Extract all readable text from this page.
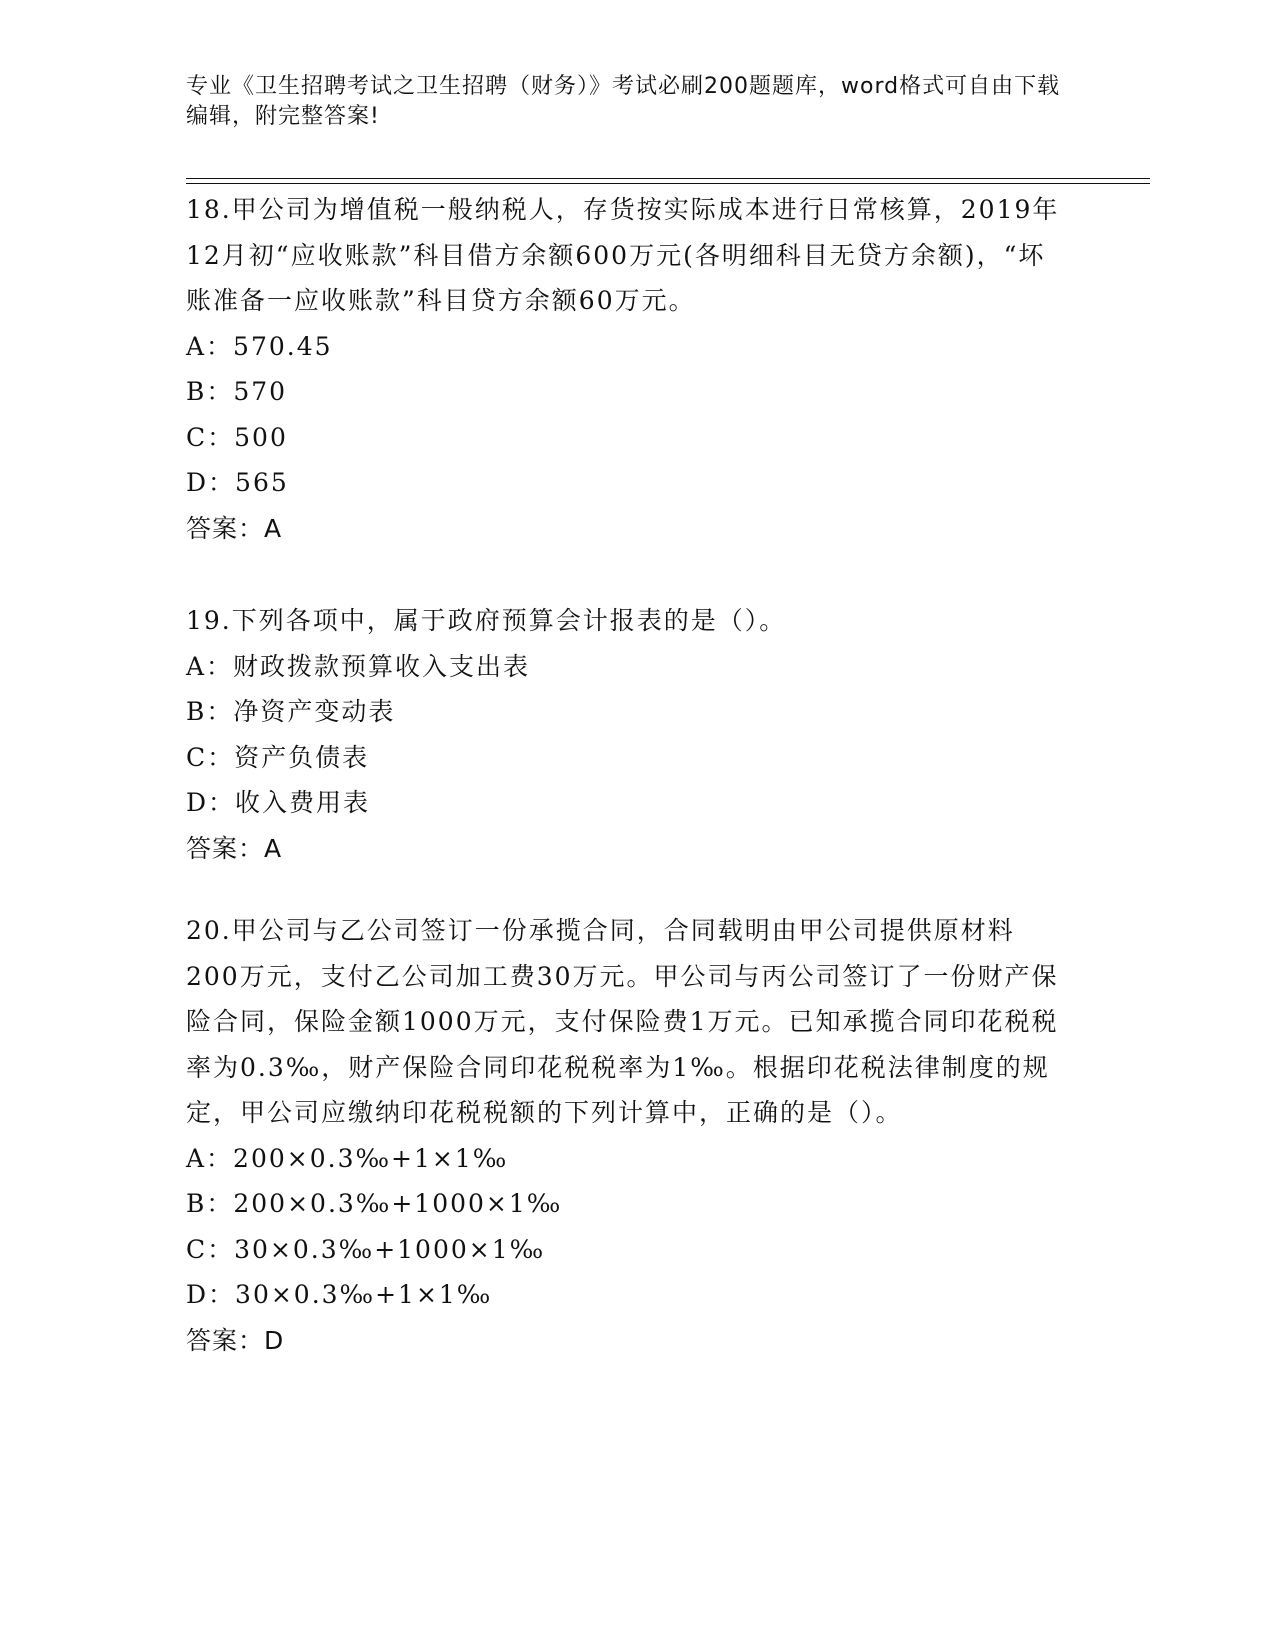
专业《卫生招聘考试之卫生招聘（财务）》考试必刷200题题库，word格式可自由下载编辑，附完整答案!

18.甲公司为增值税一般纳税人，存货按实际成本进行日常核算，2019年12月初“应收账款”科目借方余额600万元(各明细科目无贷方余额)，“坏账准备一应收账款”科目贷方余额60万元。

A：570.45
B：570
C：500
D：565
答案：A

19.下列各项中，属于政府预算会计报表的是（）。

A：财政拨款预算收入支出表
B：净资产变动表
C：资产负债表
D：收入费用表
答案：A

20.甲公司与乙公司签订一份承揽合同，合同载明由甲公司提供原材料200万元，支付乙公司加工费30万元。甲公司与丙公司签订了一份财产保险合同，保险金额1000万元，支付保险费1万元。已知承揽合同印花税税率为0.3‰，财产保险合同印花税税率为1‰。根据印花税法律制度的规定，甲公司应缴纳印花税税额的下列计算中，正确的是（）。

A：200×0.3‰+1×1‰
B：200×0.3‰+1000×1‰
C：30×0.3‰+1000×1‰
D：30×0.3‰+1×1‰
答案：D
